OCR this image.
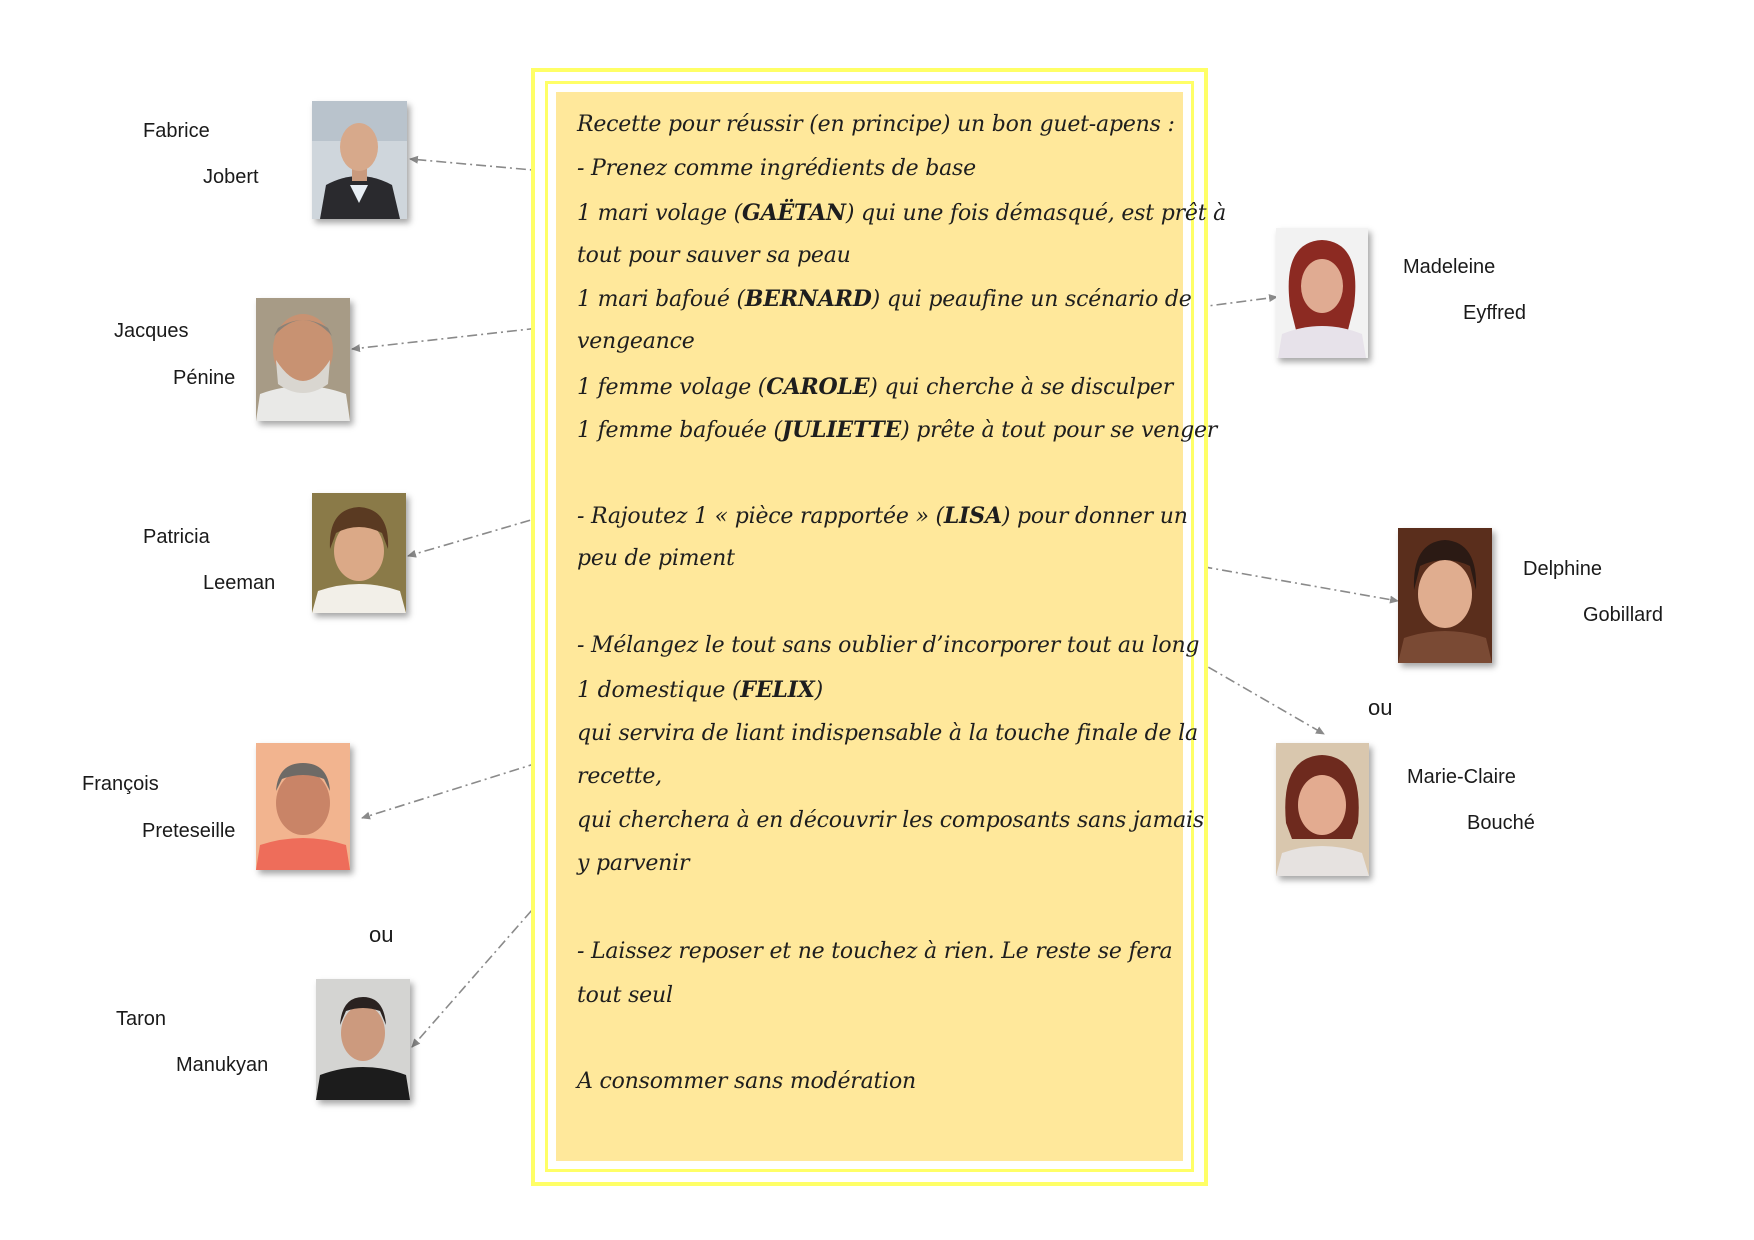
Recette pour réussir (en principe) un bon guet-apens :

- Prenez comme ingrédients de base

1 mari volage (GAËTAN) qui une fois démasqué, est prêt à

tout pour sauver sa peau

1 mari bafoué (BERNARD) qui peaufine un scénario de

vengeance

1 femme volage (CAROLE) qui cherche à se disculper

1 femme bafouée (JULIETTE) prête à tout pour se venger

- Rajoutez 1 « pièce rapportée » (LISA) pour donner un

peu de piment

- Mélangez le tout sans oublier d’incorporer tout au long

1 domestique (FELIX)

qui servira de liant indispensable à la touche finale de la

recette,

qui cherchera à en découvrir les composants sans jamais

y parvenir

- Laissez reposer et ne touchez à rien. Le reste se fera

tout seul

A consommer sans modération

Fabrice

Jobert

Jacques

Pénine

Patricia

Leeman

François

Preteseille

ou

Taron

Manukyan

Madeleine

Eyffred

Delphine

Gobillard

ou

Marie-Claire

Bouché
